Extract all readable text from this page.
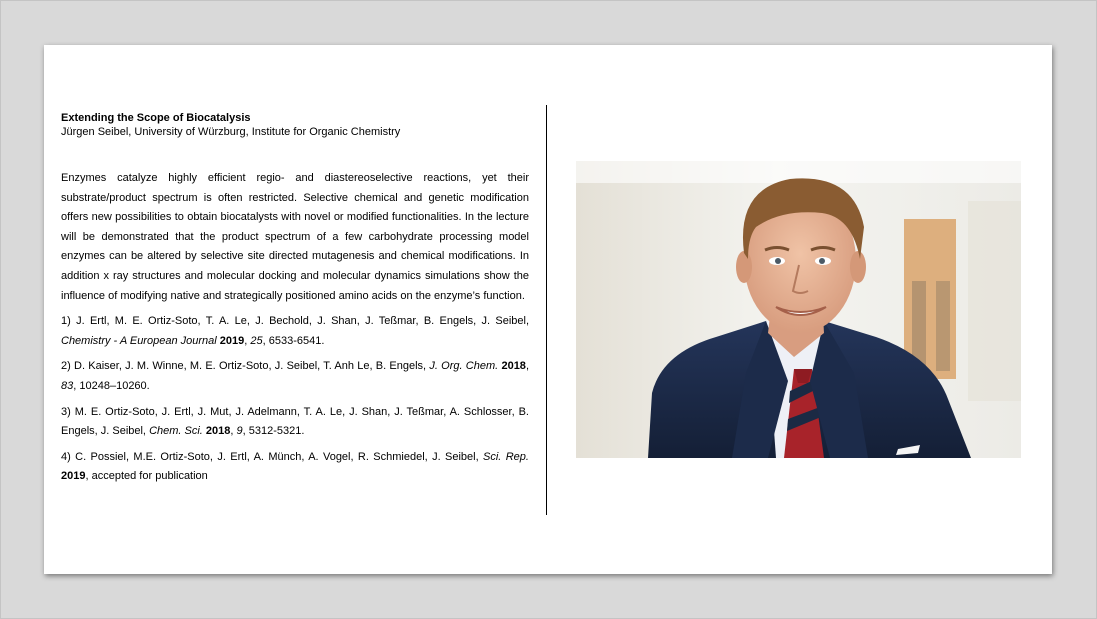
Extending the Scope of Biocatalysis
Jürgen Seibel, University of Würzburg, Institute for Organic Chemistry
Enzymes catalyze highly efficient regio- and diastereoselective reactions, yet their substrate/product spectrum is often restricted. Selective chemical and genetic modification offers new possibilities to obtain biocatalysts with novel or modified functionalities. In the lecture will be demonstrated that the product spectrum of a few carbohydrate processing model enzymes can be altered by selective site directed mutagenesis and chemical modifications. In addition x ray structures and molecular docking and molecular dynamics simulations show the influence of modifying native and strategically positioned amino acids on the enzyme’s function.
1) J. Ertl, M. E. Ortiz-Soto, T. A. Le, J. Bechold, J. Shan, J. Teßmar, B. Engels, J. Seibel, Chemistry - A European Journal 2019, 25, 6533-6541.
2) D. Kaiser, J. M. Winne, M. E. Ortiz-Soto, J. Seibel, T. Anh Le, B. Engels, J. Org. Chem. 2018, 83, 10248–10260.
3) M. E. Ortiz-Soto, J. Ertl, J. Mut, J. Adelmann, T. A. Le, J. Shan, J. Teßmar, A. Schlosser, B. Engels, J. Seibel, Chem. Sci. 2018, 9, 5312-5321.
4) C. Possiel, M.E. Ortiz-Soto, J. Ertl, A. Münch, A. Vogel, R. Schmiedel, J. Seibel, Sci. Rep. 2019, accepted for publication
